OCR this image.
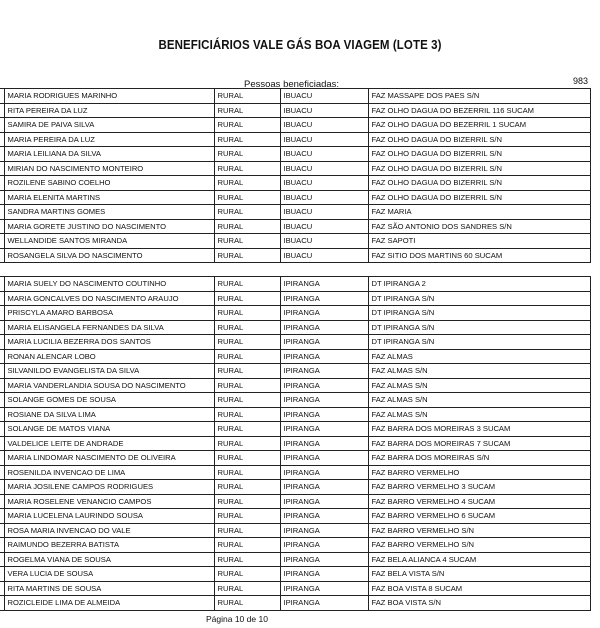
BENEFICIÁRIOS VALE GÁS BOA VIAGEM (LOTE 3)
Pessoas beneficiadas:	983
	MARIA RODRIGUES MARINHO	RURAL	IBUACU	FAZ MASSAPE DOS PAES S/N
	RITA PEREIRA DA LUZ	RURAL	IBUACU	FAZ OLHO DAGUA DO BEZERRIL 116 SUCAM
	SAMIRA DE PAIVA SILVA	RURAL	IBUACU	FAZ OLHO DAGUA DO BEZERRIL 1 SUCAM
	MARIA PEREIRA DA LUZ	RURAL	IBUACU	FAZ OLHO DAGUA DO BIZERRIL S/N
	MARIA LEILIANA DA SILVA	RURAL	IBUACU	FAZ OLHO DAGUA DO BIZERRIL S/N
	MIRIAN DO NASCIMENTO MONTEIRO	RURAL	IBUACU	FAZ OLHO DAGUA DO BIZERRIL S/N
	ROZILENE SABINO COELHO	RURAL	IBUACU	FAZ OLHO DAGUA DO BIZERRIL S/N
	MARIA ELENITA MARTINS	RURAL	IBUACU	FAZ OLHO DAGUA DO BIZERRIL S/N
	SANDRA MARTINS GOMES	RURAL	IBUACU	FAZ MARIA
	MARIA GORETE JUSTINO DO NASCIMENTO	RURAL	IBUACU	FAZ SÃO ANTONIO DOS SANDRES S/N
	WELLANDIDE SANTOS MIRANDA	RURAL	IBUACU	FAZ SAPOTI
	ROSANGELA SILVA DO NASCIMENTO	RURAL	IBUACU	FAZ SITIO DOS MARTINS 60 SUCAM
	MARIA SUELY DO NASCIMENTO COUTINHO	RURAL	IPIRANGA	DT IPIRANGA 2
	MARIA GONCALVES DO NASCIMENTO ARAUJO	RURAL	IPIRANGA	DT IPIRANGA S/N
	PRISCYLA AMARO BARBOSA	RURAL	IPIRANGA	DT IPIRANGA S/N
	MARIA ELISANGELA FERNANDES DA SILVA	RURAL	IPIRANGA	DT IPIRANGA S/N
	MARIA LUCILIA BEZERRA DOS SANTOS	RURAL	IPIRANGA	DT IPIRANGA S/N
	RONAN ALENCAR LOBO	RURAL	IPIRANGA	FAZ ALMAS
	SILVANILDO EVANGELISTA DA SILVA	RURAL	IPIRANGA	FAZ ALMAS S/N
	MARIA VANDERLANDIA SOUSA DO NASCIMENTO	RURAL	IPIRANGA	FAZ ALMAS S/N
	SOLANGE GOMES DE SOUSA	RURAL	IPIRANGA	FAZ ALMAS S/N
	ROSIANE DA SILVA LIMA	RURAL	IPIRANGA	FAZ ALMAS S/N
	SOLANGE DE MATOS VIANA	RURAL	IPIRANGA	FAZ BARRA DOS MOREIRAS 3 SUCAM
	VALDELICE LEITE DE ANDRADE	RURAL	IPIRANGA	FAZ BARRA DOS MOREIRAS 7 SUCAM
	MARIA LINDOMAR NASCIMENTO DE OLIVEIRA	RURAL	IPIRANGA	FAZ BARRA DOS MOREIRAS S/N
	ROSENILDA INVENCAO DE LIMA	RURAL	IPIRANGA	FAZ BARRO VERMELHO
	MARIA JOSILENE CAMPOS RODRIGUES	RURAL	IPIRANGA	FAZ BARRO VERMELHO 3 SUCAM
	MARIA ROSELENE VENANCIO CAMPOS	RURAL	IPIRANGA	FAZ BARRO VERMELHO 4 SUCAM
	MARIA LUCELENA LAURINDO SOUSA	RURAL	IPIRANGA	FAZ BARRO VERMELHO 6 SUCAM
	ROSA MARIA INVENCAO DO VALE	RURAL	IPIRANGA	FAZ BARRO VERMELHO S/N
	RAIMUNDO BEZERRA BATISTA	RURAL	IPIRANGA	FAZ BARRO VERMELHO S/N
	ROGELMA VIANA DE SOUSA	RURAL	IPIRANGA	FAZ BELA ALIANCA 4 SUCAM
	VERA LUCIA DE SOUSA	RURAL	IPIRANGA	FAZ BELA VISTA S/N
	RITA MARTINS DE SOUSA	RURAL	IPIRANGA	FAZ BOA VISTA 8 SUCAM
	ROZICLEIDE LIMA DE ALMEIDA	RURAL	IPIRANGA	FAZ BOA VISTA S/N
Página 10 de 10
